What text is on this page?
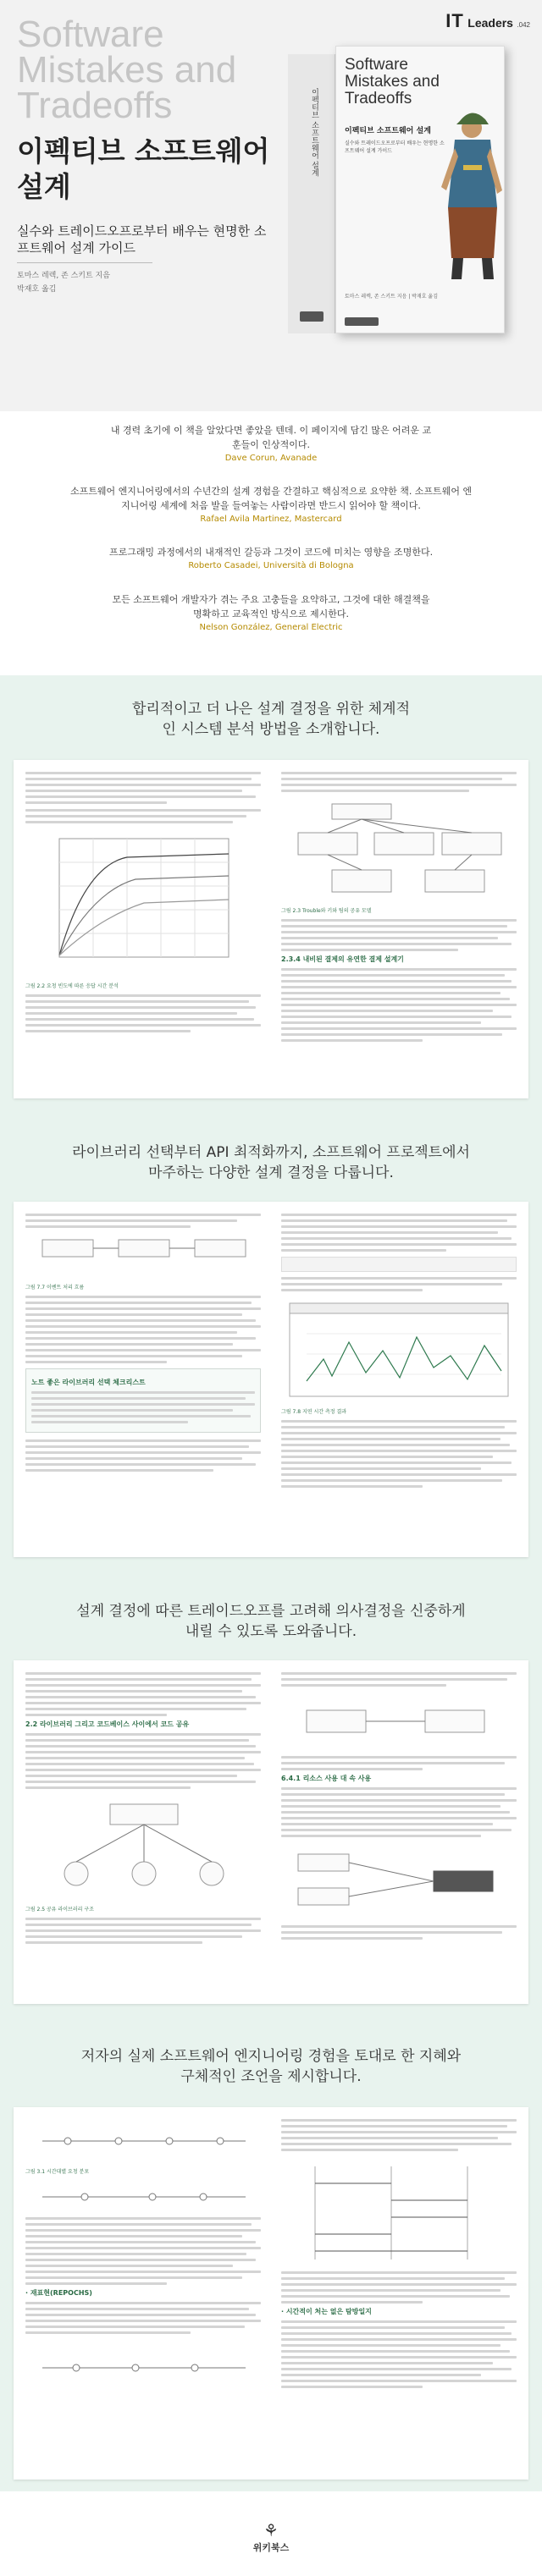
IT Leaders .042
Software Mistakes and Tradeoffs
이펙티브 소프트웨어 설계
실수와 트레이드오프로부터 배우는 현명한 소프트웨어 설계 가이드
토마스 레렉, 존 스키트 지음
박재호 옮김
이펙티브 소프트웨어 설계
Software Mistakes and Tradeoffs
이펙티브 소프트웨어 설계
실수와 트레이드오프로부터 배우는 현명한 소프트웨어 설계 가이드
토마스 레렉, 존 스키트 지음 | 박재호 옮김
내 경력 초기에 이 책을 알았다면 좋았을 텐데. 이 페이지에 담긴 많은 어려운 교훈들이 인상적이다.
Dave Corun, Avanade
소프트웨어 엔지니어링에서의 수년간의 설계 경험을 간결하고 핵심적으로 요약한 책. 소프트웨어 엔지니어링 세계에 처음 발을 들여놓는 사람이라면 반드시 읽어야 할 책이다.
Rafael Avila Martinez, Mastercard
프로그래밍 과정에서의 내재적인 갈등과 그것이 코드에 미치는 영향을 조명한다.
Roberto Casadei, Università di Bologna
모든 소프트웨어 개발자가 겪는 주요 고충들을 요약하고, 그것에 대한 해결책을 명확하고 교육적인 방식으로 제시한다.
Nelson González, General Electric
합리적이고 더 나은 설계 결정을 위한 체계적인 시스템 분석 방법을 소개합니다.
그림 2.2 요청 빈도에 따른 응답 시간 분석
그림 2.3 Trouble와 키와 팀의 공유 모델
2.3.4 내비된 결제의 유연한 결제 설계기
라이브러리 선택부터 API 최적화까지, 소프트웨어 프로젝트에서 마주하는 다양한 설계 결정을 다룹니다.
그림 7.7 이벤트 처리 흐름
노트 좋은 라이브러리 선택 체크리스트
그림 7.8 지연 시간 측정 결과
설계 결정에 따른 트레이드오프를 고려해 의사결정을 신중하게 내릴 수 있도록 도와줍니다.
2.2 라이브러리 그리고 코드베이스 사이에서 코드 공유
그림 2.5 공유 라이브러리 구조
6.4.1 리소스 사용 대 속 사용
저자의 실제 소프트웨어 엔지니어링 경험을 토대로 한 지혜와 구체적인 조언을 제시합니다.
그림 3.1 시간대별 요청 분포
· 재표현(REPOCHS)
· 시간적이 처는 없은 탐방일지
⚘
위키북스
